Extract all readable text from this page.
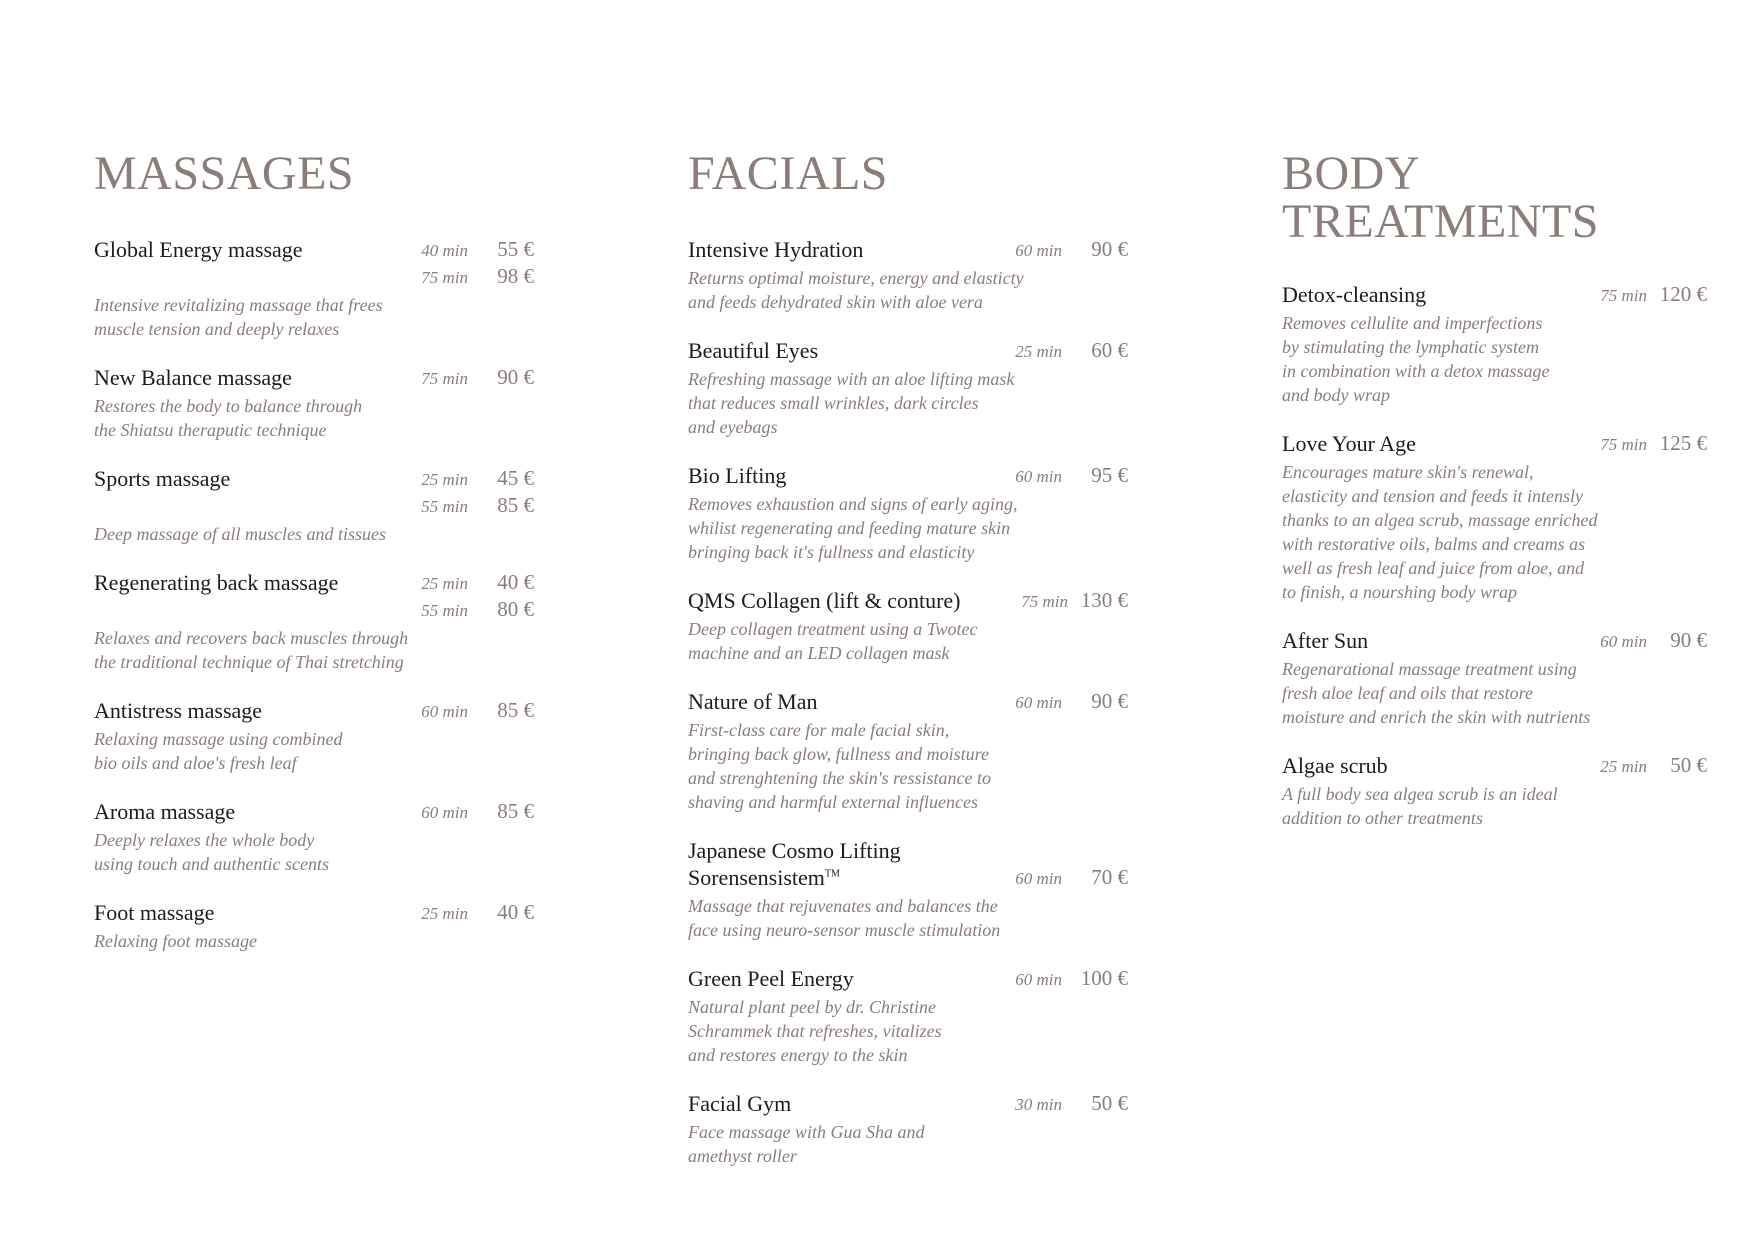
MASSAGES
Global Energy massage	40 min	55 €
75 min	98 €
Intensive revitalizing massage that frees
muscle tension and deeply relaxes
New Balance massage	75 min	90 €
Restores the body to balance through
the Shiatsu theraputic technique
Sports massage	25 min	45 €
55 min	85 €
Deep massage of all muscles and tissues
Regenerating back massage	25 min	40 €
55 min	80 €
Relaxes and recovers back muscles through
the traditional technique of Thai stretching
Antistress massage	60 min	85 €
Relaxing massage using combined
bio oils and aloe's fresh leaf
Aroma massage	60 min	85 €
Deeply relaxes the whole body
using touch and authentic scents
Foot massage	25 min	40 €
Relaxing foot massage
FACIALS
Intensive Hydration	60 min	90 €
Returns optimal moisture, energy and elasticty
and feeds dehydrated skin with aloe vera
Beautiful Eyes	25 min	60 €
Refreshing massage with an aloe lifting mask
that reduces small wrinkles, dark circles
and eyebags
Bio Lifting	60 min	95 €
Removes exhaustion and signs of early aging,
whilist regenerating and feeding mature skin
bringing back it's fullness and elasticity
QMS Collagen (lift & conture)	75 min 130 €
Deep collagen treatment using a Twotec
machine and an LED collagen mask
Nature of Man	60 min	90 €
First-class care for male facial skin,
bringing back glow, fullness and moisture
and strenghtening the skin's ressistance to
shaving and harmful external influences
Japanese Cosmo Lifting
Sorensensistem™	60 min	70 €
Massage that rejuvenates and balances the
face using neuro-sensor muscle stimulation
Green Peel Energy	60 min 100 €
Natural plant peel by dr. Christine
Schrammek that refreshes, vitalizes
and restores energy to the skin
Facial Gym	30 min	50 €
Face massage with Gua Sha and
amethyst roller
BODY
TREATMENTS
Detox-cleansing	75 min 120 €
Removes cellulite and imperfections
by stimulating the lymphatic system
in combination with a detox massage
and body wrap
Love Your Age	75 min 125 €
Encourages mature skin's renewal,
elasticity and tension and feeds it intensly
thanks to an algea scrub, massage enriched
with restorative oils, balms and creams as
well as fresh leaf and juice from aloe, and
to finish, a nourshing body wrap
After Sun	60 min	90 €
Regenarational massage treatment using
fresh aloe leaf and oils that restore
moisture and enrich the skin with nutrients
Algae scrub	25 min	50 €
A full body sea algea scrub is an ideal
addition to other treatments
